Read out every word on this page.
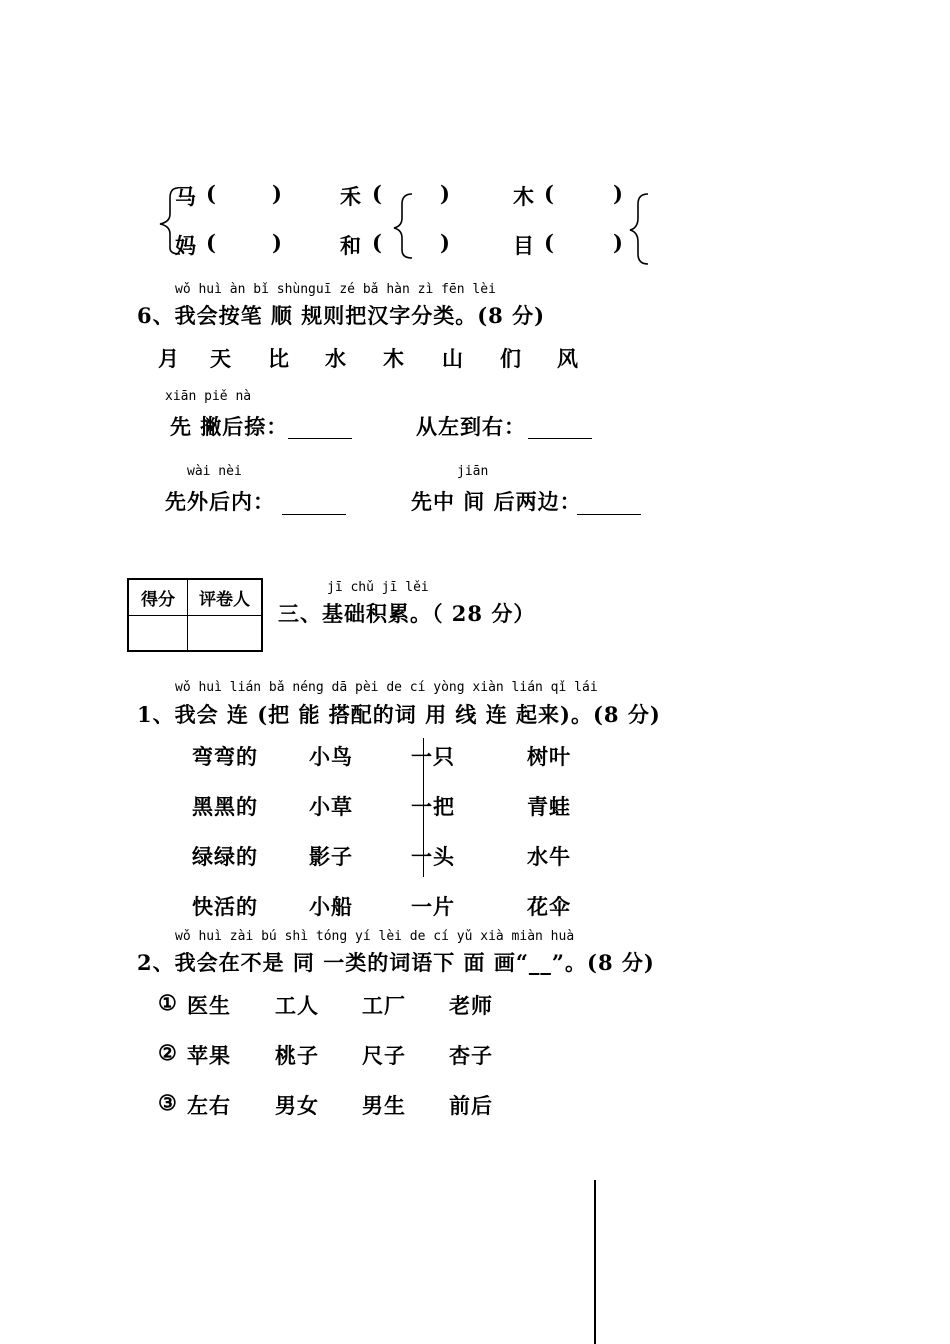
马 (	)	禾 (	)	木 (	)
妈 (	)	和 (	)	目 (	)
wǒ huì àn bǐ shùnguī zé bǎ hàn zì fēn lèi
6、我会按笔 顺 规则把汉字分类。(8 分)
月 天 比 水 木 山 们 风
xiān piě nà
先 撇后捺：	从左到右：
wài nèi
先外后内：
jiān
先中 间 后两边：
得分	评卷人
jī chǔ jī lěi
三、基础积累。（ 28 分）
wǒ huì lián bǎ néng dā pèi de cí yòng xiàn lián qǐ lái
1、我会 连 (把 能 搭配的词 用 线 连 起来)。(8 分)
弯弯的 小鸟	一只	树叶
黑黑的 小草	一把	青蛙
绿绿的 影子	一头	水牛
快活的 小船	一片	花伞
wǒ huì zài bú shì tóng yí lèi de cí yǔ xià miàn huà
2、我会在不是 同 一类的词语下 面 画“__”。(8 分)
① 医生 工人 工厂 老师
② 苹果 桃子 尺子 杏子
③ 左右 男女 男生 前后
